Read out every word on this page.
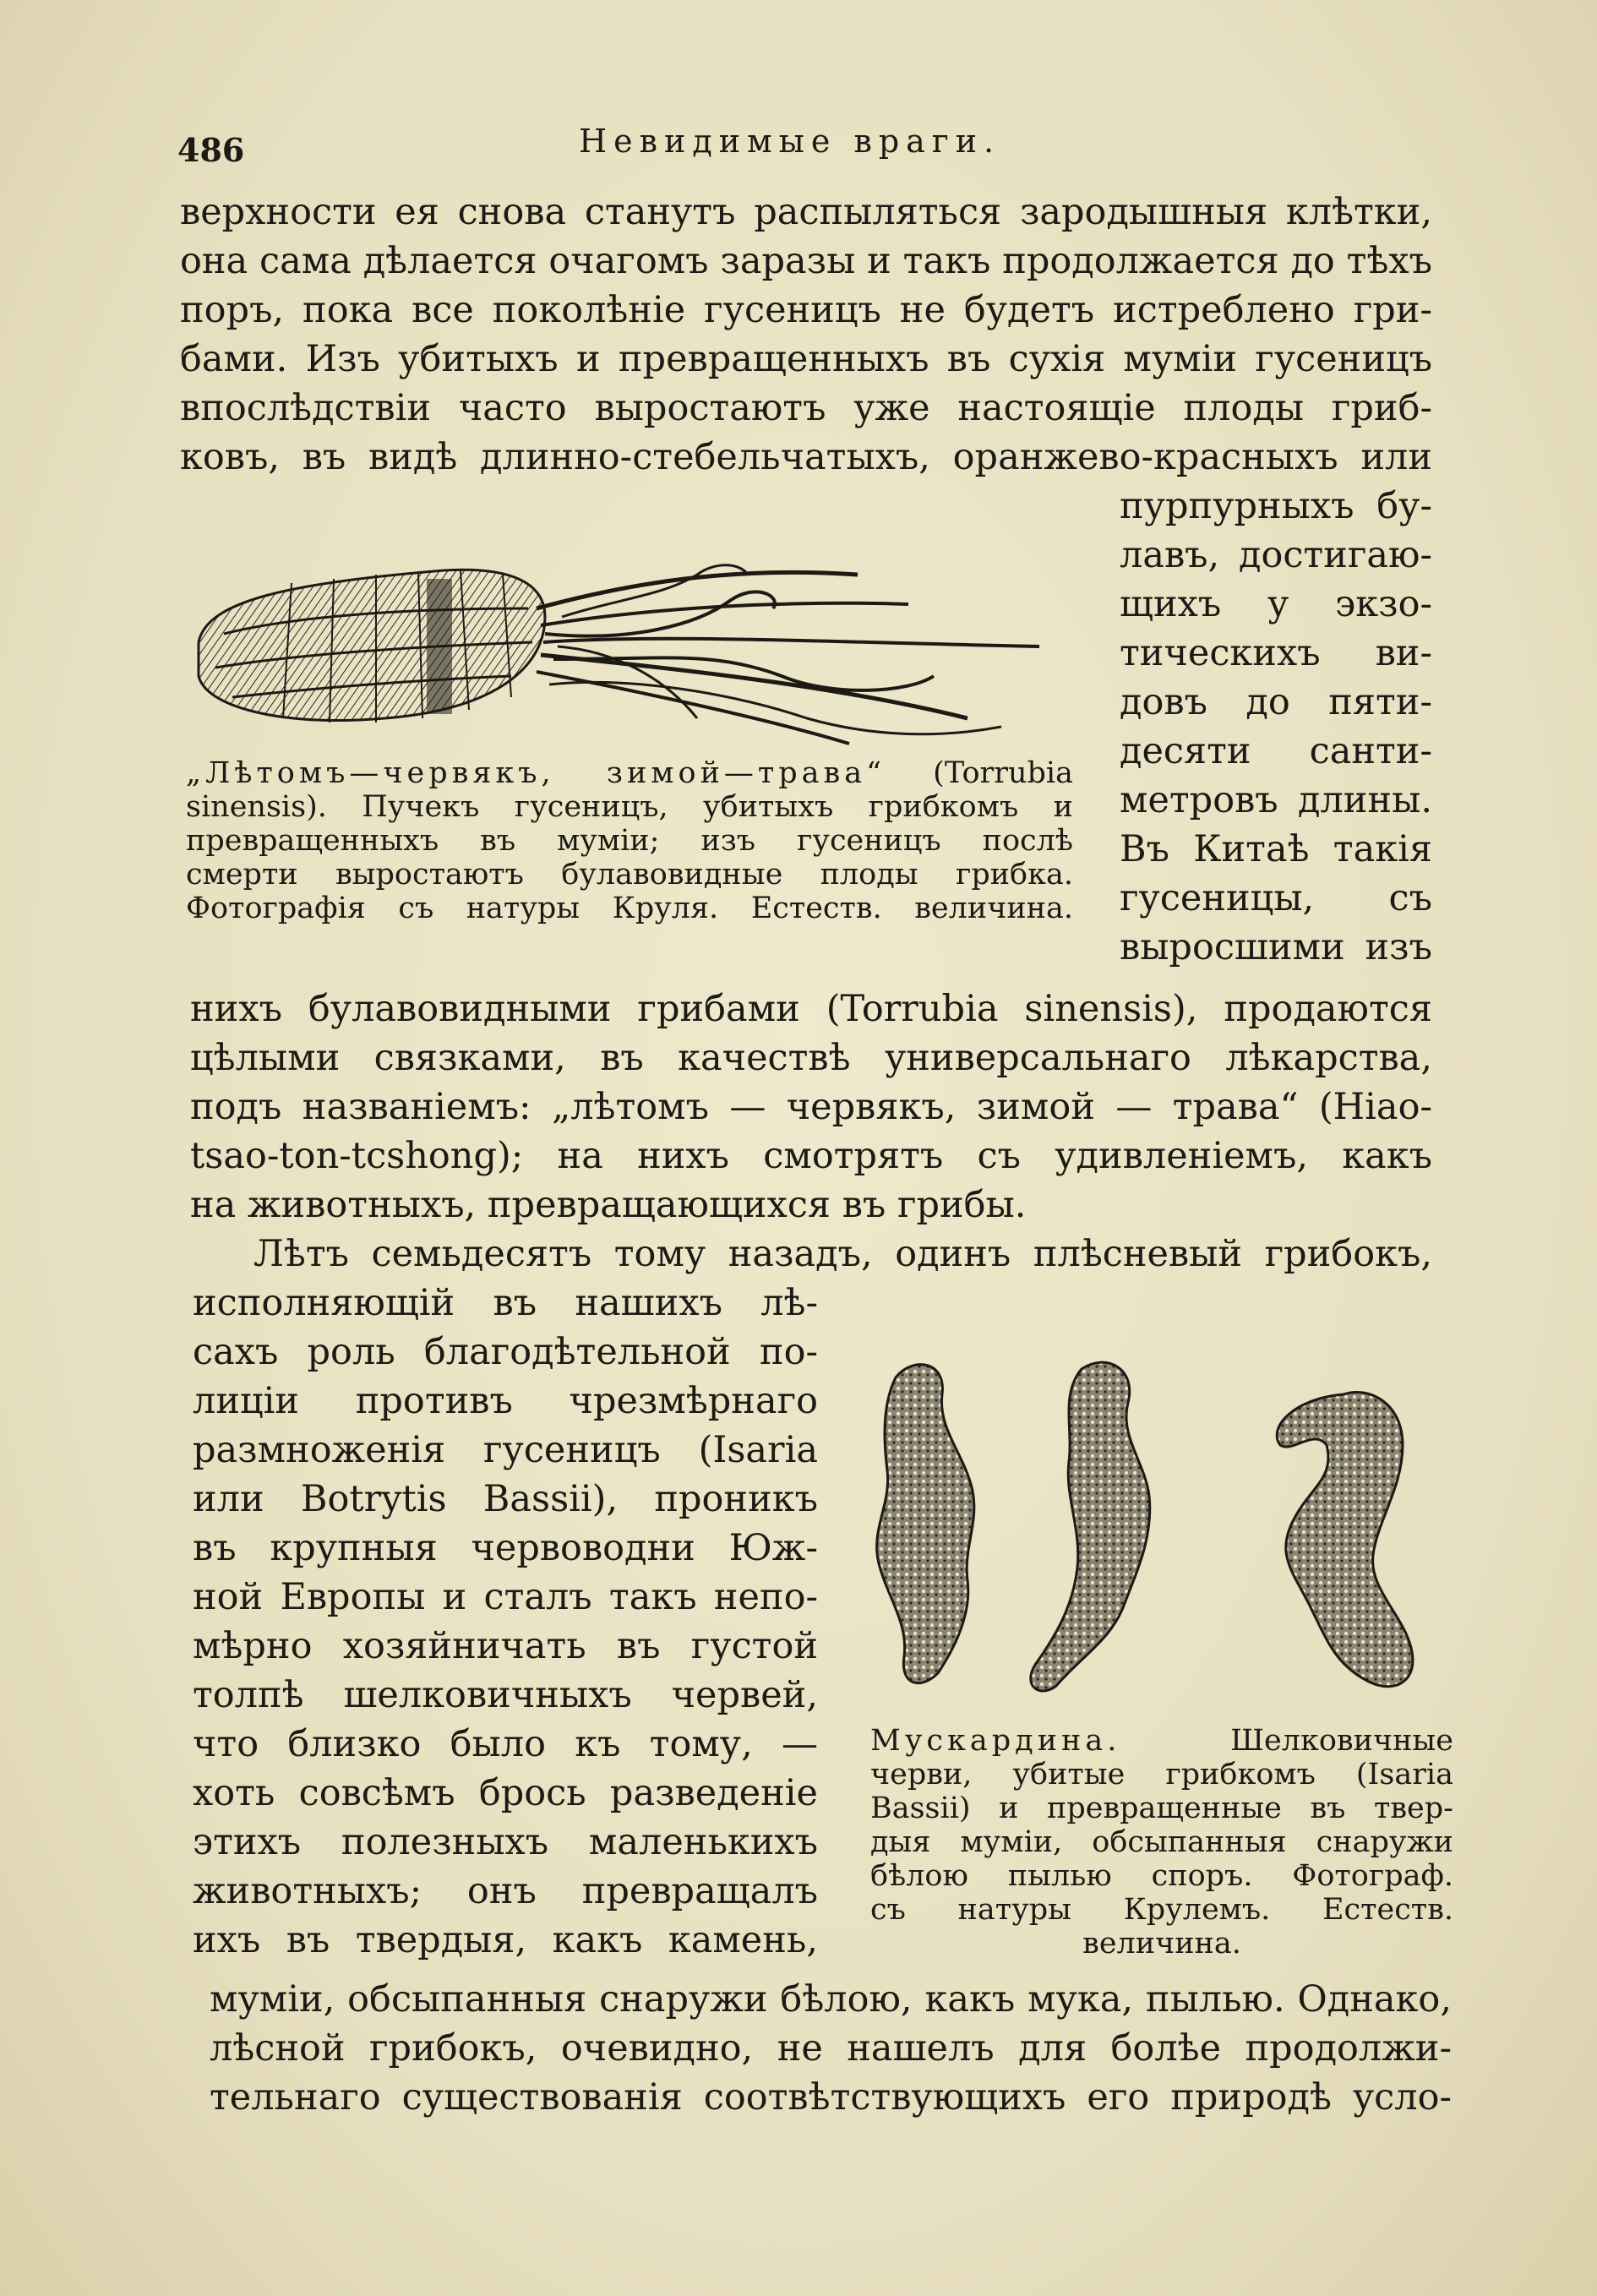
486	Невидимые враги.
верхности ея снова станутъ распыляться зародышныя клѣтки,
она сама дѣлается очагомъ заразы и такъ продолжается до тѣхъ
поръ, пока все поколѣніе гусеницъ не будетъ истреблено гри-
бами. Изъ убитыхъ и превращенныхъ въ сухія муміи гусеницъ
впослѣдствіи часто выростаютъ уже настоящіе плоды гриб-
ковъ, въ видѣ длинно-стебельчатыхъ, оранжево-красныхъ или
пурпурныхъ бу-
лавъ, достигаю-
щихъ у экзо-
тическихъ ви-
довъ до пяти-
десяти санти-
метровъ длины.
Въ Китаѣ такія
гусеницы, съ
выросшими изъ
„Лѣтомъ—червякъ, зимой—трава“ (Torrubia
sinensis). Пучекъ гусеницъ, убитыхъ грибкомъ и
превращенныхъ въ муміи; изъ гусеницъ послѣ
смерти выростаютъ булавовидные плоды грибка.
Фотографія съ натуры Круля. Естеств. величина.
нихъ булавовидными грибами (Torrubia sinensis), продаются
цѣлыми связками, въ качествѣ универсальнаго лѣкарства,
подъ названіемъ: „лѣтомъ — червякъ, зимой — трава“ (Hiao-
tsao-ton-tcshong); на нихъ смотрятъ съ удивленіемъ, какъ
на животныхъ, превращающихся въ грибы.
Лѣтъ семьдесятъ тому назадъ, одинъ плѣсневый грибокъ,
исполняющій въ нашихъ лѣ-
сахъ роль благодѣтельной по-
лиціи противъ чрезмѣрнаго
размноженія гусеницъ (Isaria
или Botrytis Bassii), проникъ
въ крупныя червоводни Юж-
ной Европы и сталъ такъ непо-
мѣрно хозяйничать въ густой
толпѣ шелковичныхъ червей,
что близко было къ тому, —
хоть совсѣмъ брось разведеніе
этихъ полезныхъ маленькихъ
животныхъ; онъ превращалъ
ихъ въ твердыя, какъ камень,
Мускардина. Шелковичные
черви, убитые грибкомъ (Isaria
Bassii) и превращенные въ твер-
дыя муміи, обсыпанныя снаружи
бѣлою пылью споръ. Фотограф.
съ натуры Крулемъ. Естеств.
величина.
муміи, обсыпанныя снаружи бѣлою, какъ мука, пылью. Однако,
лѣсной грибокъ, очевидно, не нашелъ для болѣе продолжи-
тельнаго существованія соотвѣтствующихъ его природѣ усло-
